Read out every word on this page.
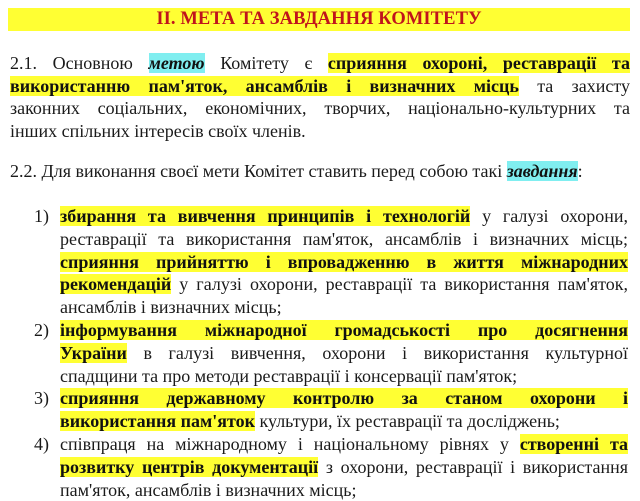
II. МЕТА ТА ЗАВДАННЯ КОМІТЕТУ
2.1. Основною метою Комітету є сприяння охороні, реставрації та
використанню пам'яток, ансамблів і визначних місць та захисту
законних соціальних, економічних, творчих, національно-культурних та
інших спільних інтересів своїх членів.
2.2. Для виконання своєї мети Комітет ставить перед собою такі завдання:
1) збирання та вивчення принципів і технологій у галузі охорони,
реставрації та використання пам'яток, ансамблів і визначних місць;
сприяння прийняттю і впровадженню в життя міжнародних
рекомендацій у галузі охорони, реставрації та використання пам'яток,
ансамблів і визначних місць;
2) інформування міжнародної громадськості про досягнення
України в галузі вивчення, охорони і використання культурної
спадщини та про методи реставрації і консервації пам'яток;
3) сприяння державному контролю за станом охорони і
використання пам'яток культури, їх реставрації та досліджень;
4) співпраця на міжнародному і національному рівнях у створенні та
розвитку центрів документації з охорони, реставрації і використання
пам'яток, ансамблів і визначних місць;
